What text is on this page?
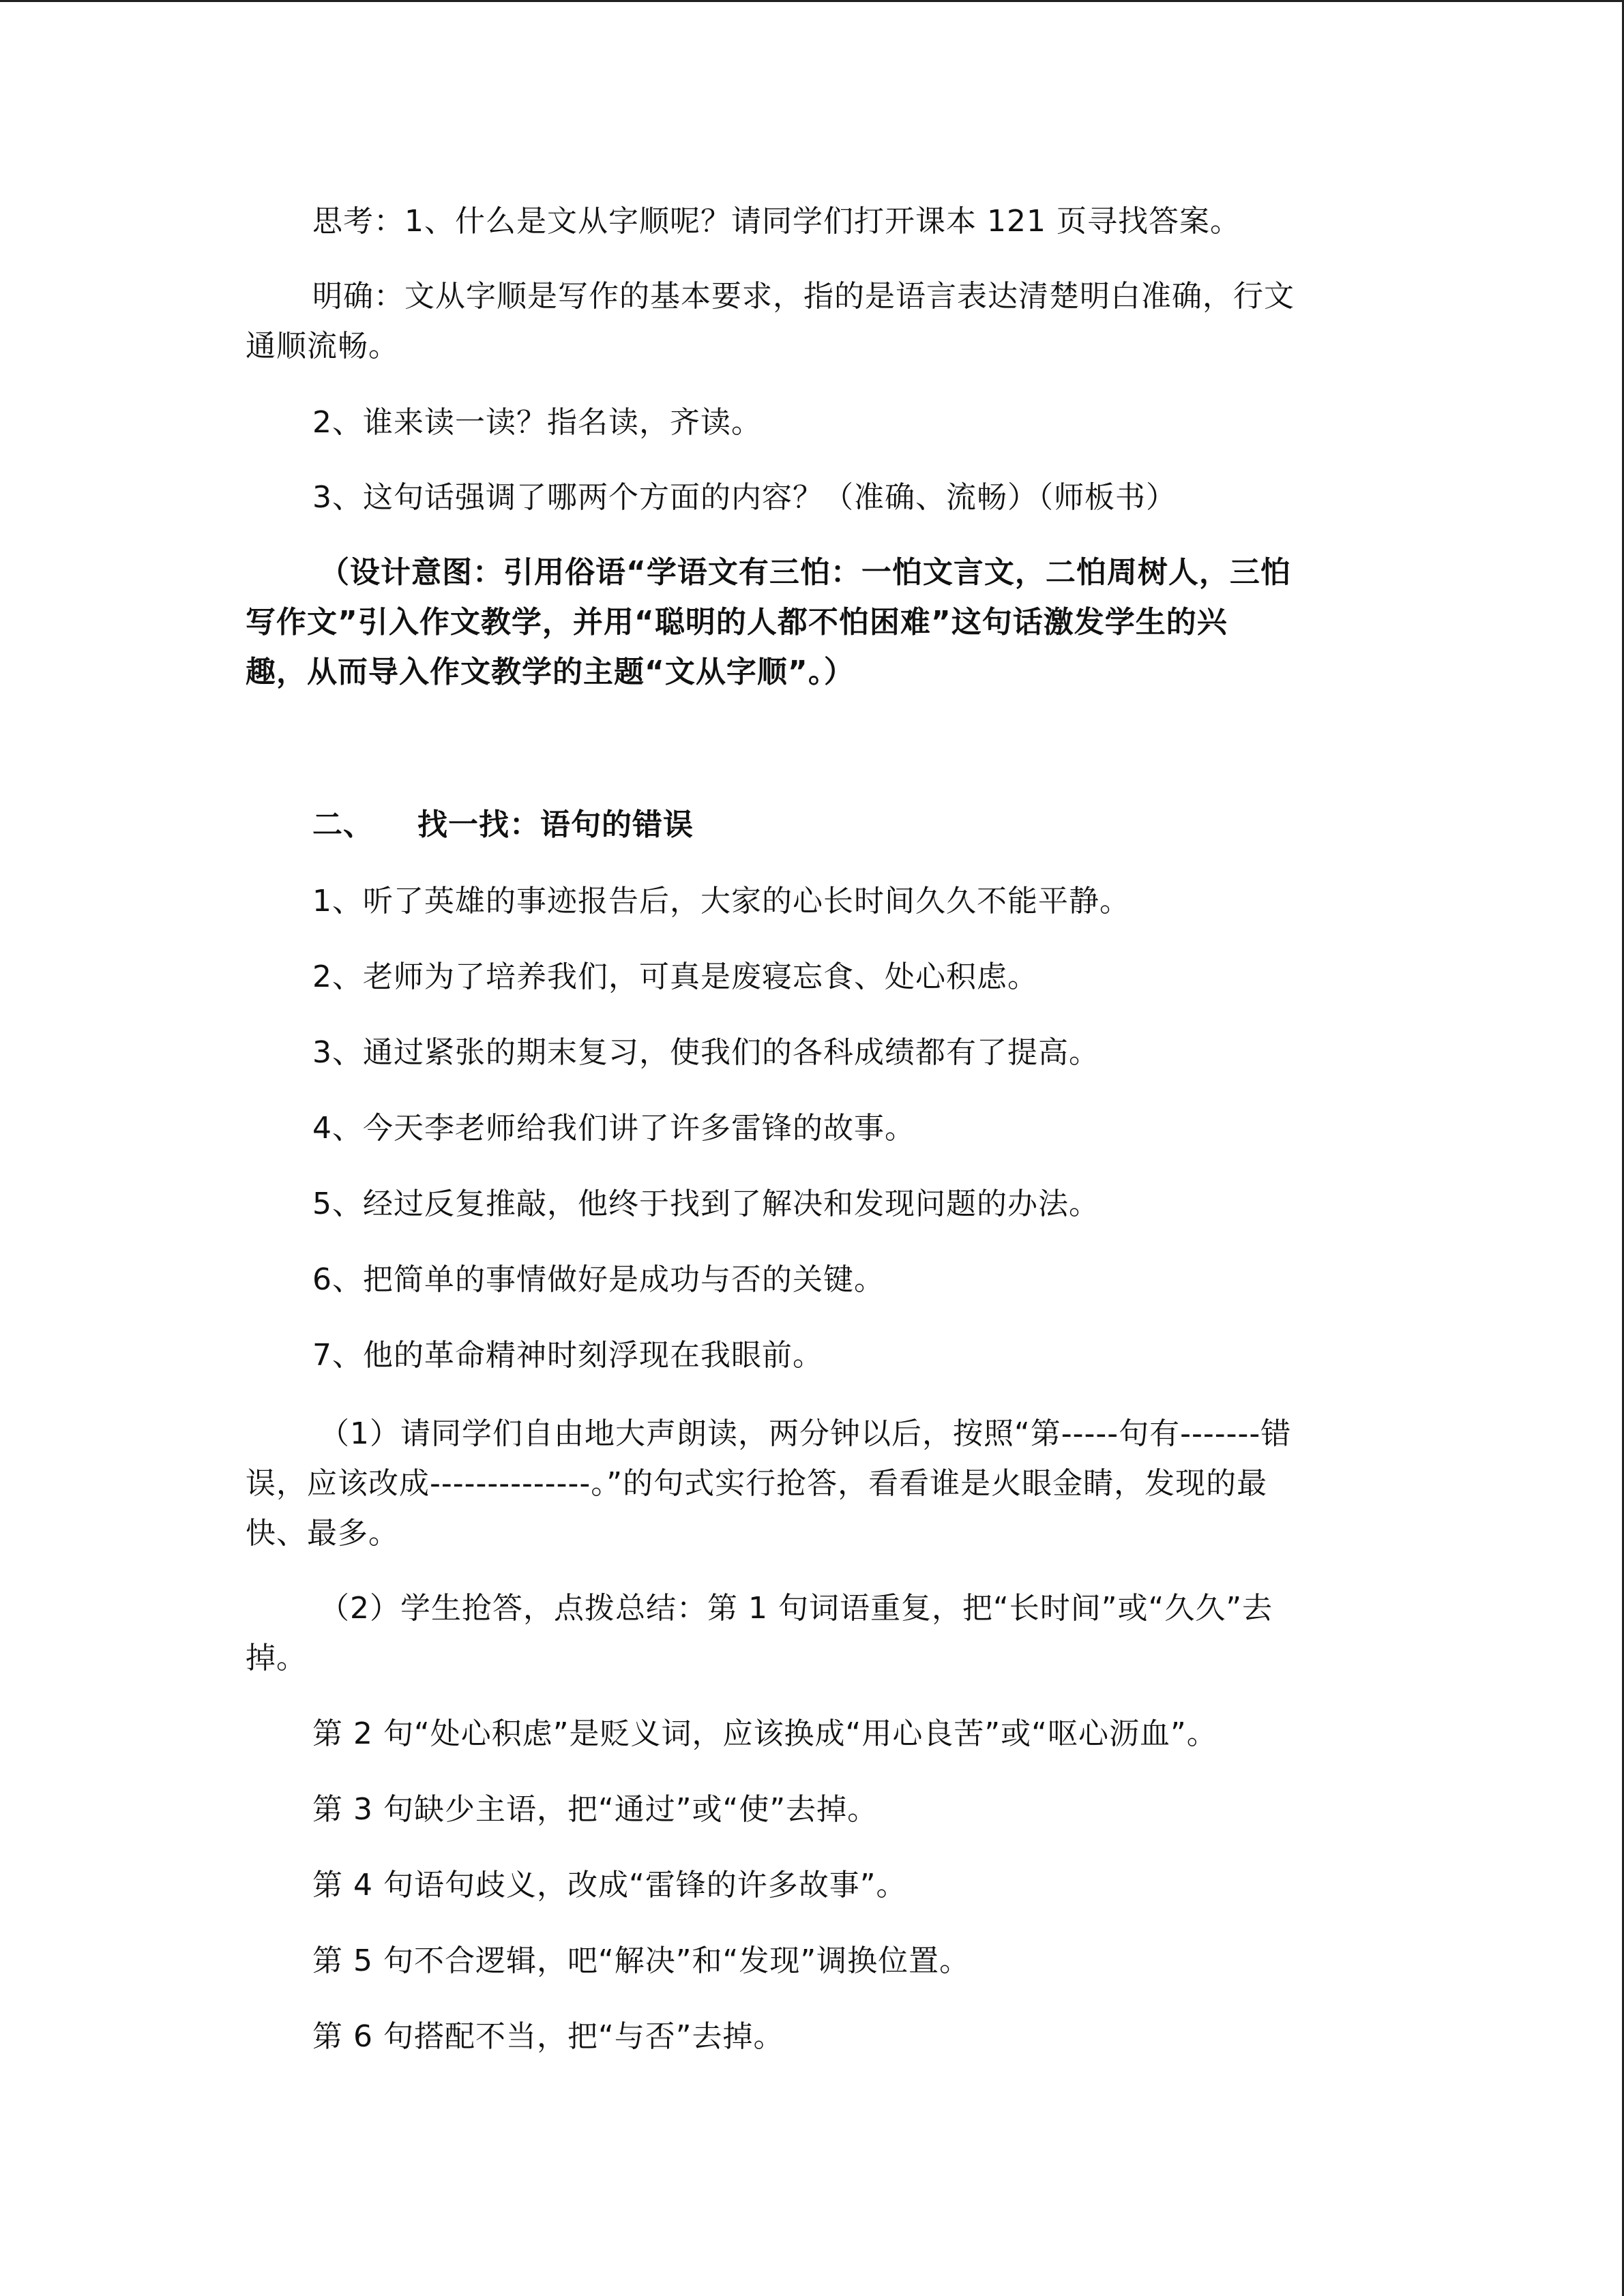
思考：1、什么是文从字顺呢？请同学们打开课本 121 页寻找答案。
明确：文从字顺是写作的基本要求，指的是语言表达清楚明白准确，行文
通顺流畅。
2、谁来读一读？指名读，齐读。
3、这句话强调了哪两个方面的内容？（准确、流畅）（师板书）
（设计意图：引用俗语“学语文有三怕：一怕文言文，二怕周树人，三怕
写作文”引入作文教学，并用“聪明的人都不怕困难”这句话激发学生的兴
趣，从而导入作文教学的主题“文从字顺”。）
二、 找一找：语句的错误
1、听了英雄的事迹报告后，大家的心长时间久久不能平静。
2、老师为了培养我们，可真是废寝忘食、处心积虑。
3、通过紧张的期末复习，使我们的各科成绩都有了提高。
4、今天李老师给我们讲了许多雷锋的故事。
5、经过反复推敲，他终于找到了解决和发现问题的办法。
6、把简单的事情做好是成功与否的关键。
7、他的革命精神时刻浮现在我眼前。
（1）请同学们自由地大声朗读，两分钟以后，按照“第-----句有-------错
误，应该改成--------------。”的句式实行抢答，看看谁是火眼金睛，发现的最
快、最多。
（2）学生抢答，点拨总结：第 1 句词语重复，把“长时间”或“久久”去
掉。
第 2 句“处心积虑”是贬义词，应该换成“用心良苦”或“呕心沥血”。
第 3 句缺少主语，把“通过”或“使”去掉。
第 4 句语句歧义，改成“雷锋的许多故事”。
第 5 句不合逻辑，吧“解决”和“发现”调换位置。
第 6 句搭配不当，把“与否”去掉。
